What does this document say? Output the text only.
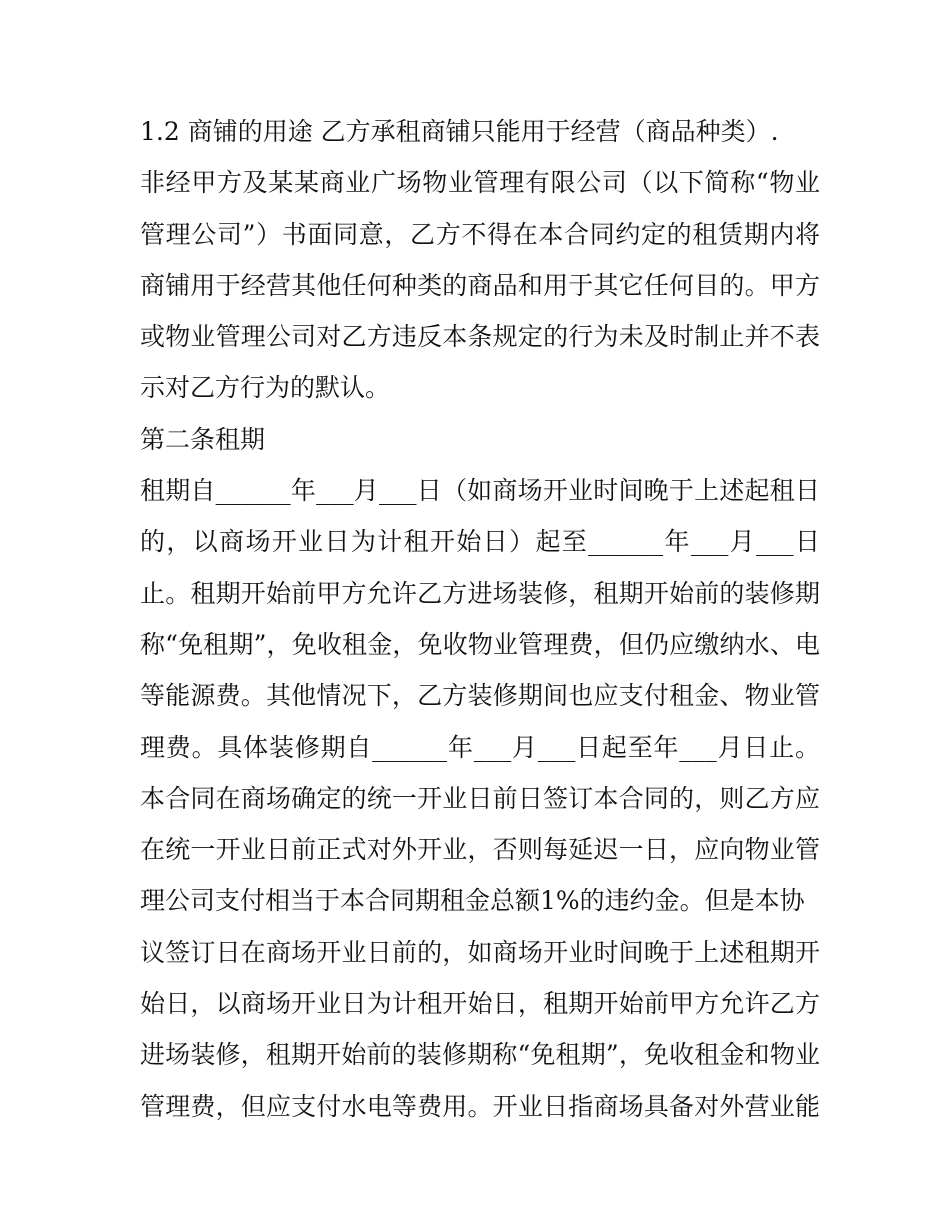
1.2 商铺的用途 乙方承租商铺只能用于经营（商品种类）.
非经甲方及某某商业广场物业管理有限公司（以下简称“物业
管理公司”）书面同意，乙方不得在本合同约定的租赁期内将
商铺用于经营其他任何种类的商品和用于其它任何目的。甲方
或物业管理公司对乙方违反本条规定的行为未及时制止并不表
示对乙方行为的默认。
第二条租期
租期自______年___月___日（如商场开业时间晚于上述起租日
的，以商场开业日为计租开始日）起至______年___月___日
止。租期开始前甲方允许乙方进场装修，租期开始前的装修期
称“免租期”，免收租金，免收物业管理费，但仍应缴纳水、电
等能源费。其他情况下，乙方装修期间也应支付租金、物业管
理费。具体装修期自______年___月___日起至年___月日止。
本合同在商场确定的统一开业日前日签订本合同的，则乙方应
在统一开业日前正式对外开业，否则每延迟一日，应向物业管
理公司支付相当于本合同期租金总额1%的违约金。但是本协
议签订日在商场开业日前的，如商场开业时间晚于上述租期开
始日，以商场开业日为计租开始日，租期开始前甲方允许乙方
进场装修，租期开始前的装修期称“免租期”，免收租金和物业
管理费，但应支付水电等费用。开业日指商场具备对外营业能
